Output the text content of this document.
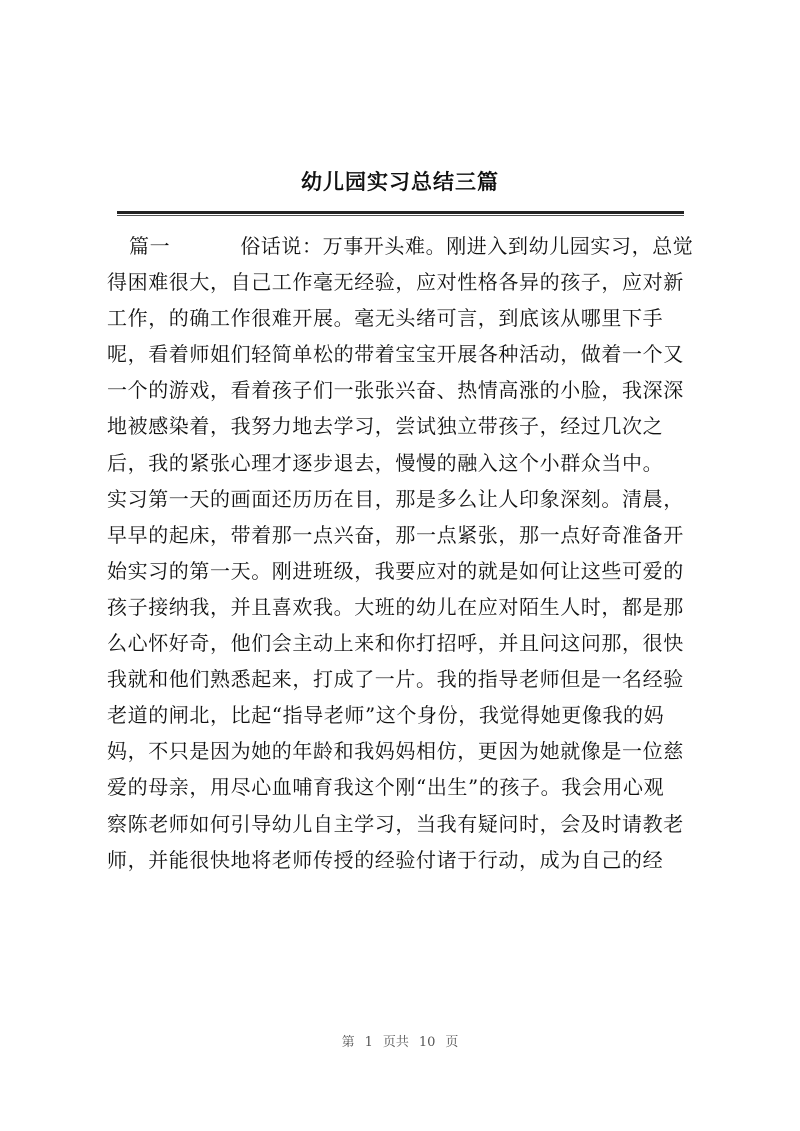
幼儿园实习总结三篇
篇一	俗话说：万事开头难。刚进入到幼儿园实习，总觉
得困难很大，自己工作毫无经验，应对性格各异的孩子，应对新
工作，的确工作很难开展。毫无头绪可言，到底该从哪里下手
呢，看着师姐们轻简单松的带着宝宝开展各种活动，做着一个又
一个的游戏，看着孩子们一张张兴奋、热情高涨的小脸，我深深
地被感染着，我努力地去学习，尝试独立带孩子，经过几次之
后，我的紧张心理才逐步退去，慢慢的融入这个小群众当中。
实习第一天的画面还历历在目，那是多么让人印象深刻。清晨，
早早的起床，带着那一点兴奋，那一点紧张，那一点好奇准备开
始实习的第一天。刚进班级，我要应对的就是如何让这些可爱的
孩子接纳我，并且喜欢我。大班的幼儿在应对陌生人时，都是那
么心怀好奇，他们会主动上来和你打招呼，并且问这问那，很快
我就和他们熟悉起来，打成了一片。我的指导老师但是一名经验
老道的闸北，比起“指导老师”这个身份，我觉得她更像我的妈
妈，不只是因为她的年龄和我妈妈相仿，更因为她就像是一位慈
爱的母亲，用尽心血哺育我这个刚“出生”的孩子。我会用心观
察陈老师如何引导幼儿自主学习，当我有疑问时，会及时请教老
师，并能很快地将老师传授的经验付诸于行动，成为自己的经
第 1 页共 10 页
